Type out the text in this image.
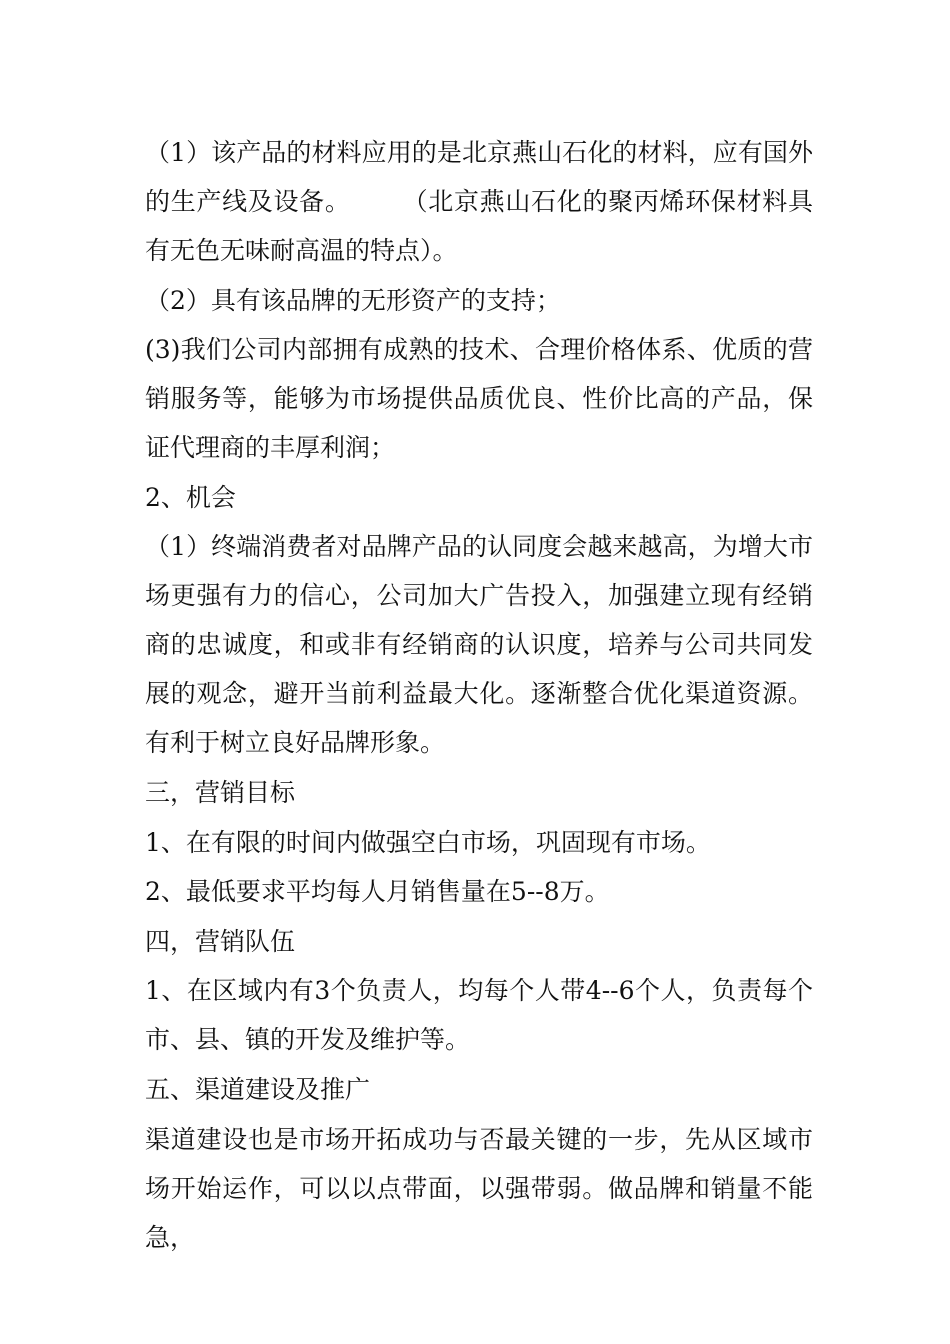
（1）该产品的材料应用的是北京燕山石化的材料，应有国外的生产线及设备。　　　（北京燕山石化的聚丙烯环保材料具有无色无味耐高温的特点）。

（2）具有该品牌的无形资产的支持；

(3)我们公司内部拥有成熟的技术、合理价格体系、优质的营销服务等，能够为市场提供品质优良、性价比高的产品，保证代理商的丰厚利润；

2、机会

（1）终端消费者对品牌产品的认同度会越来越高，为增大市场更强有力的信心，公司加大广告投入，加强建立现有经销商的忠诚度，和或非有经销商的认识度，培养与公司共同发展的观念，避开当前利益最大化。逐渐整合优化渠道资源。有利于树立良好品牌形象。

三，营销目标

1、在有限的时间内做强空白市场，巩固现有市场。

2、最低要求平均每人月销售量在5--8万。

四，营销队伍

1、在区域内有3个负责人，均每个人带4--6个人，负责每个市、县、镇的开发及维护等。

五、渠道建设及推广

渠道建设也是市场开拓成功与否最关键的一步，先从区域市场开始运作，可以以点带面，以强带弱。做品牌和销量不能急，
